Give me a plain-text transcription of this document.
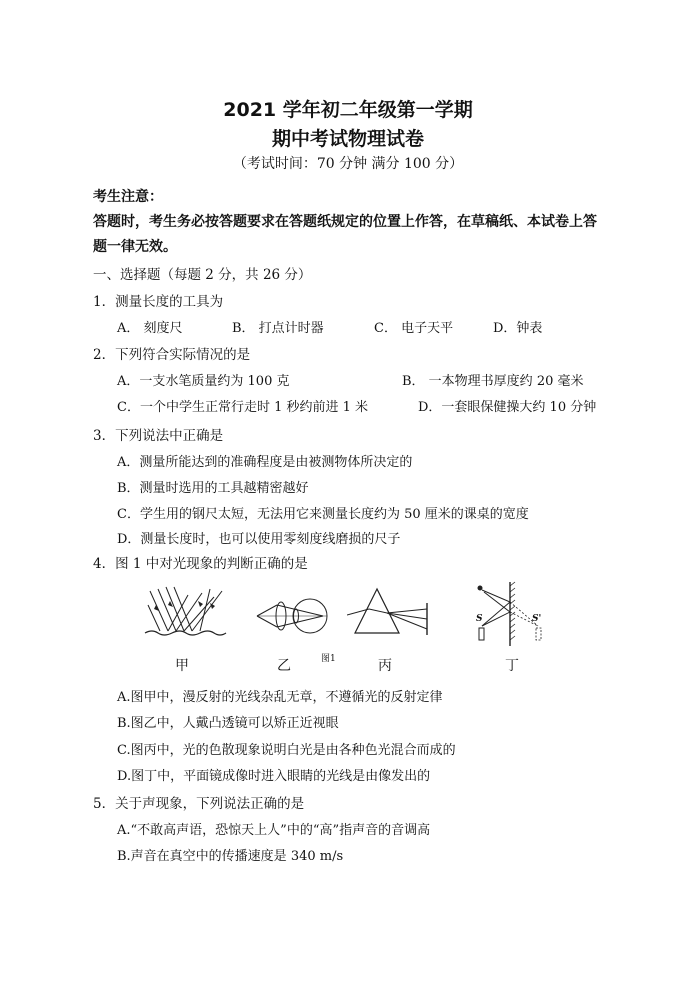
2021 学年初二年级第一学期
期中考试物理试卷
（考试时间：70 分钟 满分 100 分）
考生注意：
答题时，考生务必按答题要求在答题纸规定的位置上作答，在草稿纸、本试卷上答
题一律无效。
一、选择题（每题 2 分，共 26 分）
1．测量长度的工具为
A． 刻度尺	B． 打点计时器	C． 电子天平	D．钟表
2．下列符合实际情况的是
A．一支水笔质量约为 100 克	B． 一本物理书厚度约 20 毫米
C．一个中学生正常行走时 1 秒约前进 1 米	D．一套眼保健操大约 10 分钟
3．下列说法中正确是
A．测量所能达到的准确程度是由被测物体所决定的
B．测量时选用的工具越精密越好
C．学生用的钢尺太短，无法用它来测量长度约为 50 厘米的课桌的宽度
D．测量长度时，也可以使用零刻度线磨损的尺子
4．图 1 中对光现象的判断正确的是
S	S'
甲	乙	图1	丙	丁
A.图甲中，漫反射的光线杂乱无章，不遵循光的反射定律
B.图乙中，人戴凸透镜可以矫正近视眼
C.图丙中，光的色散现象说明白光是由各种色光混合而成的
D.图丁中，平面镜成像时进入眼睛的光线是由像发出的
5．关于声现象，下列说法正确的是
A.“不敢高声语，恐惊天上人”中的“高”指声音的音调高
B.声音在真空中的传播速度是 340 m/s
